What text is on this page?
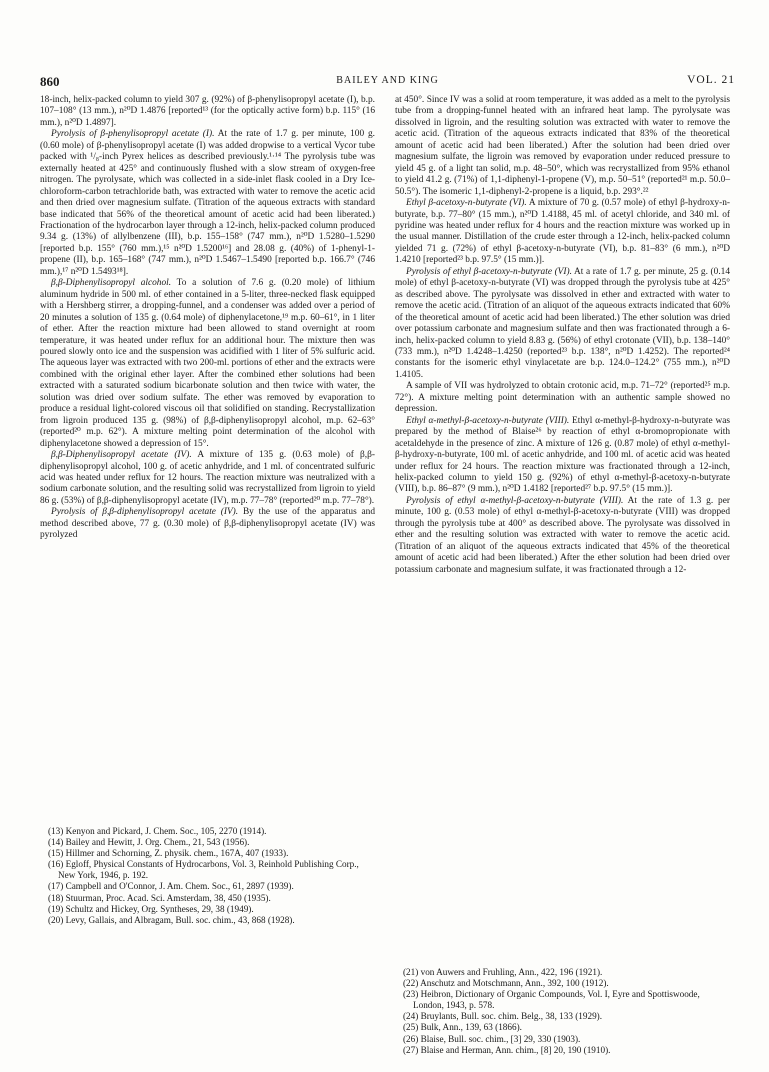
860	BAILEY AND KING	VOL. 21

18-inch, helix-packed column to yield 307 g. (92%) of β-phenylisopropyl acetate (I), b.p. 107–108° (13 mm.), n²⁰D 1.4876 [reported¹³ (for the optically active form) b.p. 115° (16 mm.), n²⁰D 1.4897].

Pyrolysis of β-phenylisopropyl acetate (I). At the rate of 1.7 g. per minute, 100 g. (0.60 mole) of β-phenylisopropyl acetate (I) was added dropwise to a vertical Vycor tube packed with ¹/₈-inch Pyrex helices as described previously.¹·¹⁴ The pyrolysis tube was externally heated at 425° and continuously flushed with a slow stream of oxygen-free nitrogen. The pyrolysate, which was collected in a side-inlet flask cooled in a Dry Ice-chloroform-carbon tetrachloride bath, was extracted with water to remove the acetic acid and then dried over magnesium sulfate. (Titration of the aqueous extracts with standard base indicated that 56% of the theoretical amount of acetic acid had been liberated.) Fractionation of the hydrocarbon layer through a 12-inch, helix-packed column produced 9.34 g. (13%) of allylbenzene (III), b.p. 155–158° (747 mm.), n²⁰D 1.5280–1.5290 [reported b.p. 155° (760 mm.),¹⁵ n²⁰D 1.5200¹⁶] and 28.08 g. (40%) of 1-phenyl-1-propene (II), b.p. 165–168° (747 mm.), n²⁰D 1.5467–1.5490 [reported b.p. 166.7° (746 mm.),¹⁷ n²⁰D 1.5493¹⁸].

β,β-Diphenylisopropyl alcohol. To a solution of 7.6 g. (0.20 mole) of lithium aluminum hydride in 500 ml. of ether contained in a 5-liter, three-necked flask equipped with a Hershberg stirrer, a dropping-funnel, and a condenser was added over a period of 20 minutes a solution of 135 g. (0.64 mole) of diphenylacetone,¹⁹ m.p. 60–61°, in 1 liter of ether. After the reaction mixture had been allowed to stand overnight at room temperature, it was heated under reflux for an additional hour. The mixture then was poured slowly onto ice and the suspension was acidified with 1 liter of 5% sulfuric acid. The aqueous layer was extracted with two 200-ml. portions of ether and the extracts were combined with the original ether layer. After the combined ether solutions had been extracted with a saturated sodium bicarbonate solution and then twice with water, the solution was dried over sodium sulfate. The ether was removed by evaporation to produce a residual light-colored viscous oil that solidified on standing. Recrystallization from ligroin produced 135 g. (98%) of β,β-diphenylisopropyl alcohol, m.p. 62–63° (reported²⁰ m.p. 62°). A mixture melting point determination of the alcohol with diphenylacetone showed a depression of 15°.

β,β-Diphenylisopropyl acetate (IV). A mixture of 135 g. (0.63 mole) of β,β-diphenylisopropyl alcohol, 100 g. of acetic anhydride, and 1 ml. of concentrated sulfuric acid was heated under reflux for 12 hours. The reaction mixture was neutralized with a sodium carbonate solution, and the resulting solid was recrystallized from ligroin to yield 86 g. (53%) of β,β-diphenylisopropyl acetate (IV), m.p. 77–78° (reported²⁰ m.p. 77–78°).

Pyrolysis of β,β-diphenylisopropyl acetate (IV). By the use of the apparatus and method described above, 77 g. (0.30 mole) of β,β-diphenylisopropyl acetate (IV) was pyrolyzed

at 450°. Since IV was a solid at room temperature, it was added as a melt to the pyrolysis tube from a dropping-funnel heated with an infrared heat lamp. The pyrolysate was dissolved in ligroin, and the resulting solution was extracted with water to remove the acetic acid. (Titration of the aqueous extracts indicated that 83% of the theoretical amount of acetic acid had been liberated.) After the solution had been dried over magnesium sulfate, the ligroin was removed by evaporation under reduced pressure to yield 45 g. of a light tan solid, m.p. 48–50°, which was recrystallized from 95% ethanol to yield 41.2 g. (71%) of 1,1-diphenyl-1-propene (V), m.p. 50–51° (reported²¹ m.p. 50.0–50.5°). The isomeric 1,1-diphenyl-2-propene is a liquid, b.p. 293°.²²

Ethyl β-acetoxy-n-butyrate (VI). A mixture of 70 g. (0.57 mole) of ethyl β-hydroxy-n-butyrate, b.p. 77–80° (15 mm.), n²⁰D 1.4188, 45 ml. of acetyl chloride, and 340 ml. of pyridine was heated under reflux for 4 hours and the reaction mixture was worked up in the usual manner. Distillation of the crude ester through a 12-inch, helix-packed column yielded 71 g. (72%) of ethyl β-acetoxy-n-butyrate (VI), b.p. 81–83° (6 mm.), n²⁰D 1.4210 [reported²³ b.p. 97.5° (15 mm.)].

Pyrolysis of ethyl β-acetoxy-n-butyrate (VI). At a rate of 1.7 g. per minute, 25 g. (0.14 mole) of ethyl β-acetoxy-n-butyrate (VI) was dropped through the pyrolysis tube at 425° as described above. The pyrolysate was dissolved in ether and extracted with water to remove the acetic acid. (Titration of an aliquot of the aqueous extracts indicated that 60% of the theoretical amount of acetic acid had been liberated.) The ether solution was dried over potassium carbonate and magnesium sulfate and then was fractionated through a 6-inch, helix-packed column to yield 8.83 g. (56%) of ethyl crotonate (VII), b.p. 138–140° (733 mm.), n²⁰D 1.4248–1.4250 (reported²³ b.p. 138°, n²⁰D 1.4252). The reported²⁴ constants for the isomeric ethyl vinylacetate are b.p. 124.0–124.2° (755 mm.), n²⁰D 1.4105.

A sample of VII was hydrolyzed to obtain crotonic acid, m.p. 71–72° (reported²⁵ m.p. 72°). A mixture melting point determination with an authentic sample showed no depression.

Ethyl α-methyl-β-acetoxy-n-butyrate (VIII). Ethyl α-methyl-β-hydroxy-n-butyrate was prepared by the method of Blaise²⁶ by reaction of ethyl α-bromopropionate with acetaldehyde in the presence of zinc. A mixture of 126 g. (0.87 mole) of ethyl α-methyl-β-hydroxy-n-butyrate, 100 ml. of acetic anhydride, and 100 ml. of acetic acid was heated under reflux for 24 hours. The reaction mixture was fractionated through a 12-inch, helix-packed column to yield 150 g. (92%) of ethyl α-methyl-β-acetoxy-n-butyrate (VIII), b.p. 86–87° (9 mm.), n²⁰D 1.4182 [reported²⁷ b.p. 97.5° (15 mm.)].

Pyrolysis of ethyl α-methyl-β-acetoxy-n-butyrate (VIII). At the rate of 1.3 g. per minute, 100 g. (0.53 mole) of ethyl α-methyl-β-acetoxy-n-butyrate (VIII) was dropped through the pyrolysis tube at 400° as described above. The pyrolysate was dissolved in ether and the resulting solution was extracted with water to remove the acetic acid. (Titration of an aliquot of the aqueous extracts indicated that 45% of the theoretical amount of acetic acid had been liberated.) After the ether solution had been dried over potassium carbonate and magnesium sulfate, it was fractionated through a 12-

(13) Kenyon and Pickard, J. Chem. Soc., 105, 2270 (1914).

(14) Bailey and Hewitt, J. Org. Chem., 21, 543 (1956).

(15) Hillmer and Schorning, Z. physik. chem., 167A, 407 (1933).

(16) Egloff, Physical Constants of Hydrocarbons, Vol. 3, Reinhold Publishing Corp., New York, 1946, p. 192.

(17) Campbell and O'Connor, J. Am. Chem. Soc., 61, 2897 (1939).

(18) Stuurman, Proc. Acad. Sci. Amsterdam, 38, 450 (1935).

(19) Schultz and Hickey, Org. Syntheses, 29, 38 (1949).

(20) Levy, Gallais, and Albragam, Bull. soc. chim., 43, 868 (1928).

(21) von Auwers and Fruhling, Ann., 422, 196 (1921).

(22) Anschutz and Motschmann, Ann., 392, 100 (1912).

(23) Heibron, Dictionary of Organic Compounds, Vol. I, Eyre and Spottiswoode, London, 1943, p. 578.

(24) Bruylants, Bull. soc. chim. Belg., 38, 133 (1929).

(25) Bulk, Ann., 139, 63 (1866).

(26) Blaise, Bull. soc. chim., [3] 29, 330 (1903).

(27) Blaise and Herman, Ann. chim., [8] 20, 190 (1910).
